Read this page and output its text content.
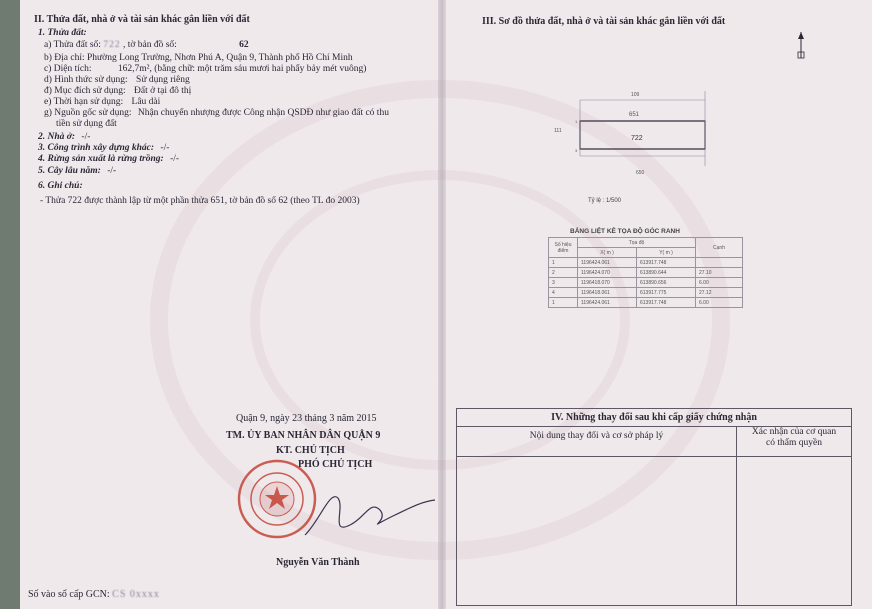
II. Thửa đất, nhà ở và tài sản khác gắn liền với đất
1. Thửa đất:
a) Thửa đất số: 722 , tờ bản đồ số:	62
b) Địa chỉ: Phường Long Trường, Nhơn Phú A, Quận 9, Thành phố Hồ Chí Minh
c) Diện tích:	162,7m², (bằng chữ: một trăm sáu mươi hai phẩy bảy mét vuông)
d) Hình thức sử dụng: Sử dụng riêng
đ) Mục đích sử dụng: Đất ở tại đô thị
e) Thời hạn sử dụng: Lâu dài
g) Nguồn gốc sử dụng: Nhận chuyển nhượng được Công nhận QSDĐ như giao đất có thu
tiền sử dụng đất
2. Nhà ở: -/-
3. Công trình xây dựng khác: -/-
4. Rừng sản xuất là rừng trồng: -/-
5. Cây lâu năm: -/-
6. Ghi chú:
- Thửa 722 được thành lập từ một phần thửa 651, tờ bản đồ số 62 (theo TL đo 2003)
Quận 9, ngày 23 tháng 3 năm 2015
TM. ỦY BAN NHÂN DÂN QUẬN 9
KT. CHỦ TỊCH
PHÓ CHỦ TỊCH
Nguyễn Văn Thành
Số vào sổ cấp GCN: CS 0xxxx
III. Sơ đồ thửa đất, nhà ở và tài sản khác gắn liền với đất
109
651
722
650
1
3
111
Tỷ lệ : 1/500
BẢNG LIỆT KÊ TỌA ĐỘ GÓC RANH
Số hiệu điểm	Tọa độ		Cạnh
	X( m )	Y( m )	
1	1196424.061	613917.748	
2	1196424.070	613890.644	27.10
3	1196418.070	613890.656	6.00
4	1196418.061	613917.775	27.12
1	1196424.061	613917.748	6.00
IV. Những thay đổi sau khi cấp giấy chứng nhận
Nội dung thay đổi và cơ sở pháp lý	Xác nhận của cơ quan
có thẩm quyền
